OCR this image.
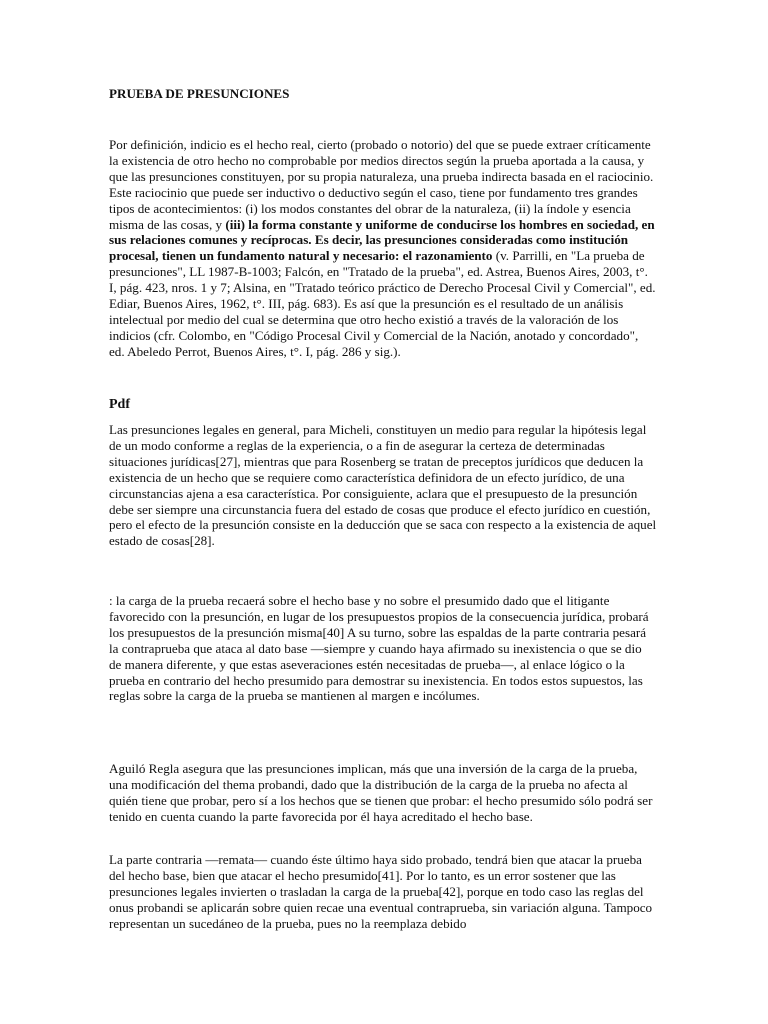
PRUEBA DE PRESUNCIONES

Por definición, indicio es el hecho real, cierto (probado o notorio) del que se puede extraer críticamente la existencia de otro hecho no comprobable por medios directos según la prueba aportada a la causa, y que las presunciones constituyen, por su propia naturaleza, una prueba indirecta basada en el raciocinio. Este raciocinio que puede ser inductivo o deductivo según el caso, tiene por fundamento tres grandes tipos de acontecimientos: (i) los modos constantes del obrar de la naturaleza, (ii) la índole y esencia misma de las cosas, y (iii) la forma constante y uniforme de conducirse los hombres en sociedad, en sus relaciones comunes y recíprocas. Es decir, las presunciones consideradas como institución procesal, tienen un fundamento natural y necesario: el razonamiento (v. Parrilli, en "La prueba de presunciones", LL 1987-B-1003; Falcón, en "Tratado de la prueba", ed. Astrea, Buenos Aires, 2003, t°. I, pág. 423, nros. 1 y 7; Alsina, en "Tratado teórico práctico de Derecho Procesal Civil y Comercial", ed. Ediar, Buenos Aires, 1962, t°. III, pág. 683). Es así que la presunción es el resultado de un análisis intelectual por medio del cual se determina que otro hecho existió a través de la valoración de los indicios (cfr. Colombo, en "Código Procesal Civil y Comercial de la Nación, anotado y concordado", ed. Abeledo Perrot, Buenos Aires, t°. I, pág. 286 y sig.).

Pdf

Las presunciones legales en general, para Micheli, constituyen un medio para regular la hipótesis legal de un modo conforme a reglas de la experiencia, o a fin de asegurar la certeza de determinadas situaciones jurídicas[27], mientras que para Rosenberg se tratan de preceptos jurídicos que deducen la existencia de un hecho que se requiere como característica definidora de un efecto jurídico, de una circunstancias ajena a esa característica. Por consiguiente, aclara que el presupuesto de la presunción debe ser siempre una circunstancia fuera del estado de cosas que produce el efecto jurídico en cuestión, pero el efecto de la presunción consiste en la deducción que se saca con respecto a la existencia de aquel estado de cosas[28].

: la carga de la prueba recaerá sobre el hecho base y no sobre el presumido dado que el litigante favorecido con la presunción, en lugar de los presupuestos propios de la consecuencia jurídica, probará los presupuestos de la presunción misma[40] A su turno, sobre las espaldas de la parte contraria pesará la contraprueba que ataca al dato base —siempre y cuando haya afirmado su inexistencia o que se dio de manera diferente, y que estas aseveraciones estén necesitadas de prueba—, al enlace lógico o la prueba en contrario del hecho presumido para demostrar su inexistencia. En todos estos supuestos, las reglas sobre la carga de la prueba se mantienen al margen e incólumes.

Aguiló Regla asegura que las presunciones implican, más que una inversión de la carga de la prueba, una modificación del thema probandi, dado que la distribución de la carga de la prueba no afecta al quién tiene que probar, pero sí a los hechos que se tienen que probar: el hecho presumido sólo podrá ser tenido en cuenta cuando la parte favorecida por él haya acreditado el hecho base.

La parte contraria —remata— cuando éste último haya sido probado, tendrá bien que atacar la prueba del hecho base, bien que atacar el hecho presumido[41]. Por lo tanto, es un error sostener que las presunciones legales invierten o trasladan la carga de la prueba[42], porque en todo caso las reglas del onus probandi se aplicarán sobre quien recae una eventual contraprueba, sin variación alguna. Tampoco representan un sucedáneo de la prueba, pues no la reemplaza debido
